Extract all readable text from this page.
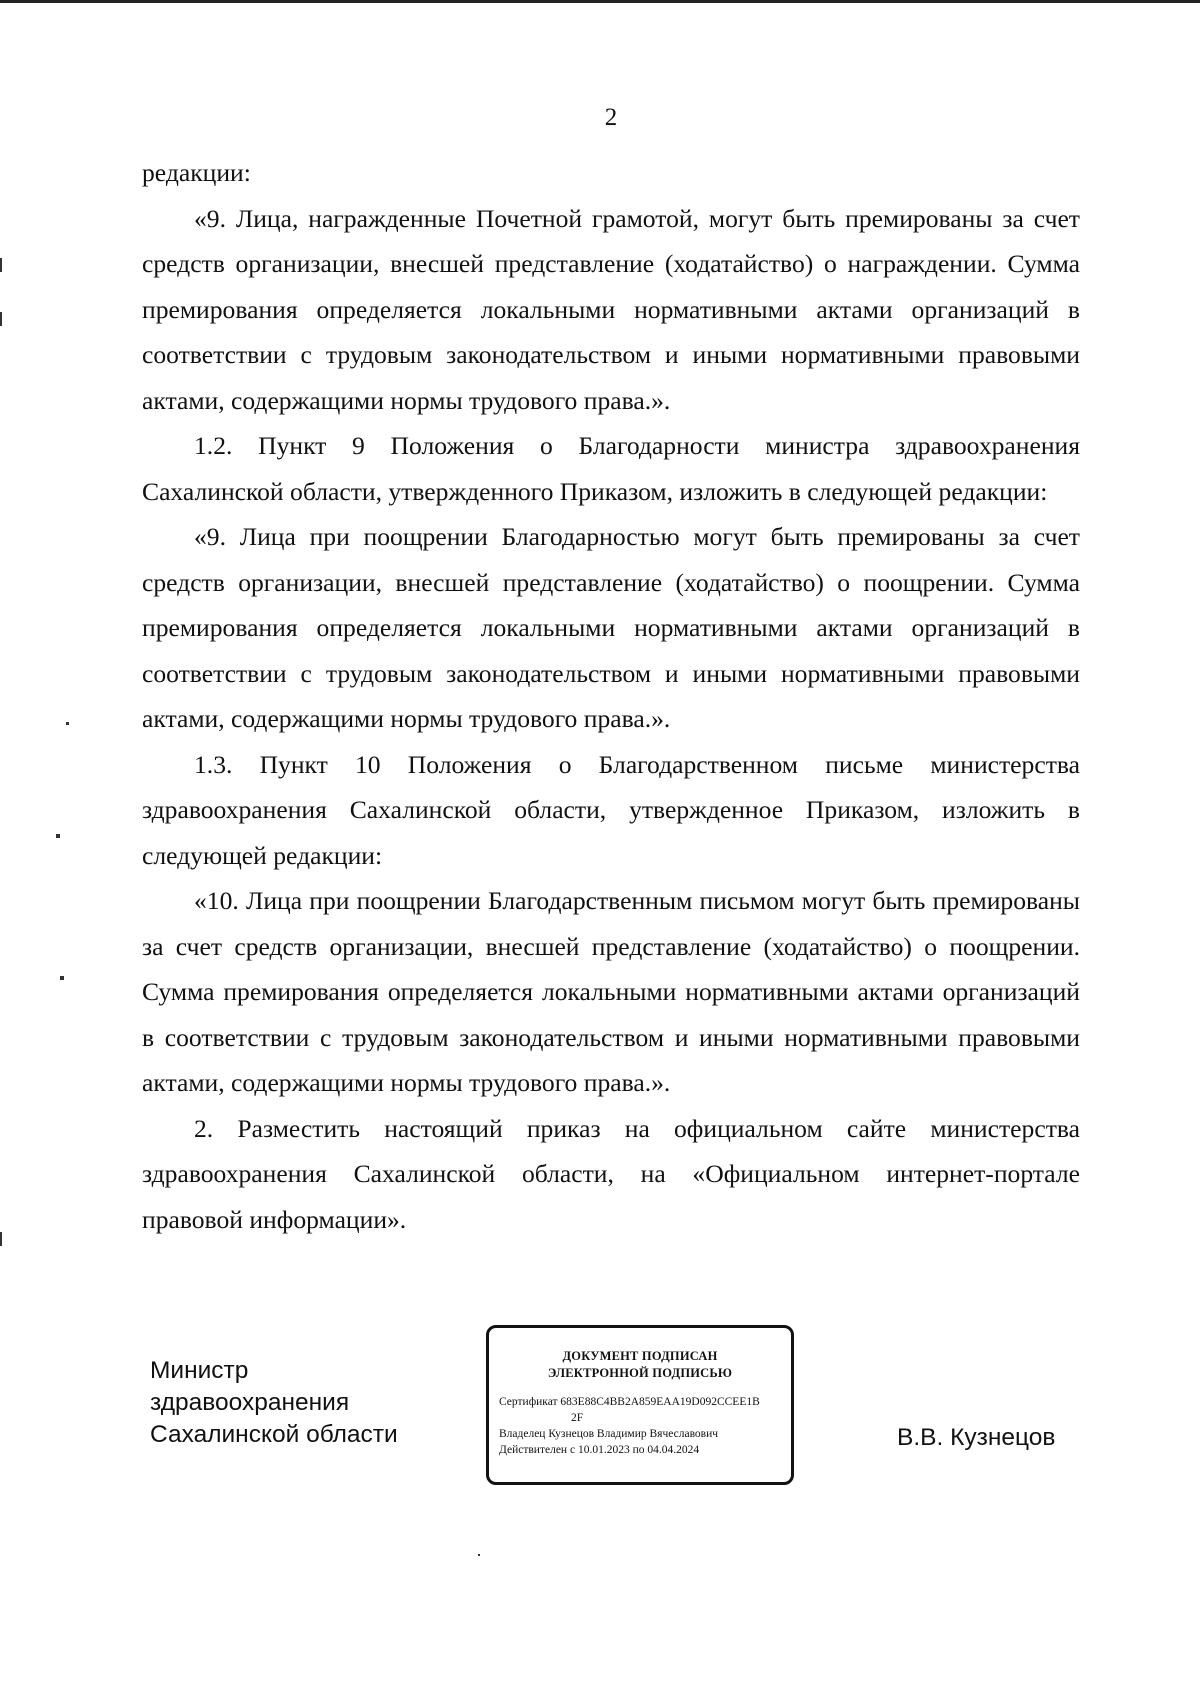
2

редакции:

«9. Лица, награжденные Почетной грамотой, могут быть премированы за счет средств организации, внесшей представление (ходатайство) о награждении. Сумма премирования определяется локальными нормативными актами организаций в соответствии с трудовым законодательством и иными нормативными правовыми актами, содержащими нормы трудового права.».

1.2. Пункт 9 Положения о Благодарности министра здравоохранения Сахалинской области, утвержденного Приказом, изложить в следующей редакции:

«9. Лица при поощрении Благодарностью могут быть премированы за счет средств организации, внесшей представление (ходатайство) о поощрении. Сумма премирования определяется локальными нормативными актами организаций в соответствии с трудовым законодательством и иными нормативными правовыми актами, содержащими нормы трудового права.».

1.3. Пункт 10 Положения о Благодарственном письме министерства здравоохранения Сахалинской области, утвержденное Приказом, изложить в следующей редакции:

«10. Лица при поощрении Благодарственным письмом могут быть премированы за счет средств организации, внесшей представление (ходатайство) о поощрении. Сумма премирования определяется локальными нормативными актами организаций в соответствии с трудовым законодательством и иными нормативными правовыми актами, содержащими нормы трудового права.».

2. Разместить настоящий приказ на официальном сайте министерства здравоохранения Сахалинской области, на «Официальном интернет-портале правовой информации».

Министр
здравоохранения
Сахалинской области
ДОКУМЕНТ ПОДПИСАН
ЭЛЕКТРОННОЙ ПОДПИСЬЮ
Сертификат 683E88C4BB2A859EAA19D092CCEE1B
2F
Владелец Кузнецов Владимир Вячеславович
Действителен с 10.01.2023 по 04.04.2024	В.В. Кузнецов
